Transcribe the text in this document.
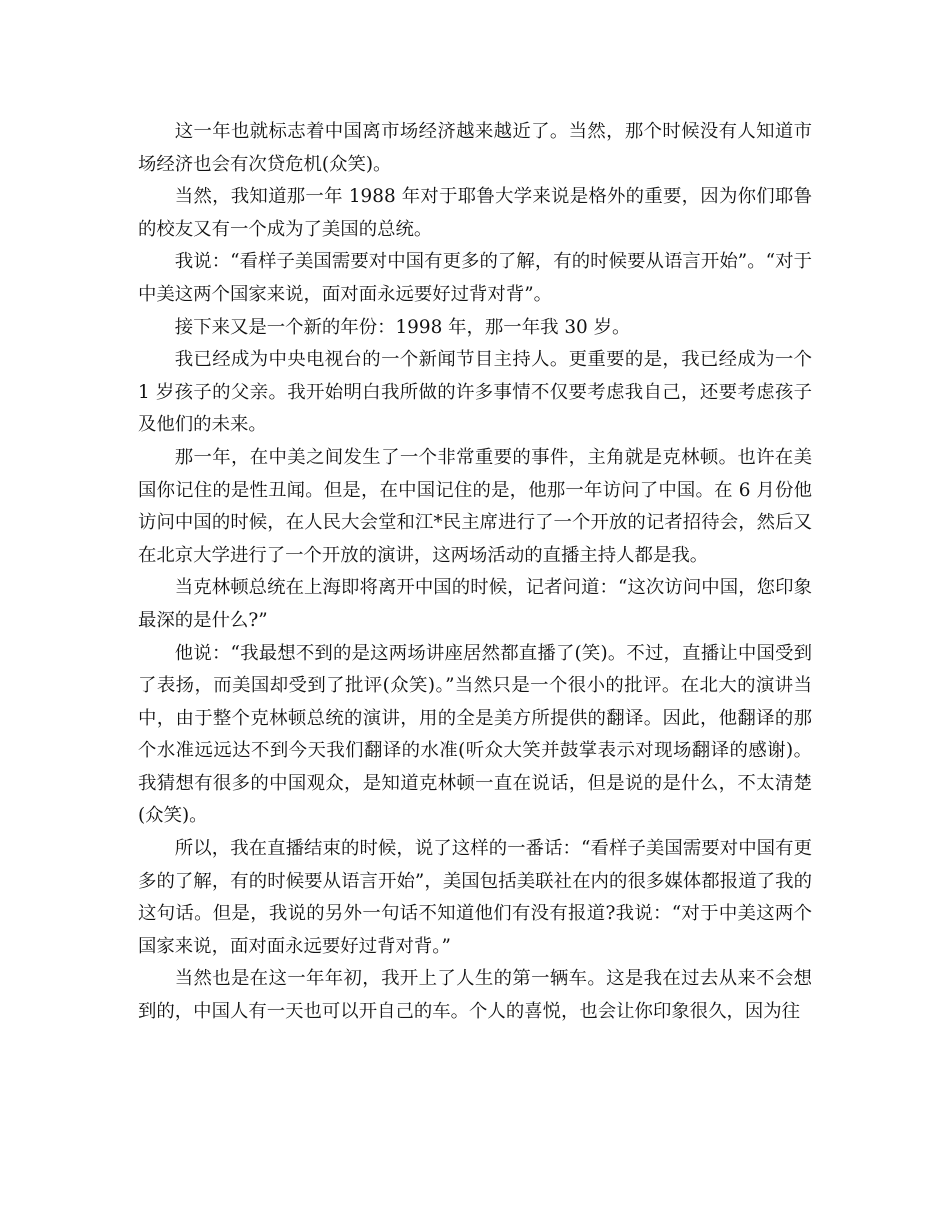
这一年也就标志着中国离市场经济越来越近了。当然，那个时候没有人知道市场经济也会有次贷危机(众笑)。

当然，我知道那一年 1988 年对于耶鲁大学来说是格外的重要，因为你们耶鲁的校友又有一个成为了美国的总统。

我说：“看样子美国需要对中国有更多的了解，有的时候要从语言开始”。“对于中美这两个国家来说，面对面永远要好过背对背”。

接下来又是一个新的年份：1998 年，那一年我 30 岁。

我已经成为中央电视台的一个新闻节目主持人。更重要的是，我已经成为一个 1 岁孩子的父亲。我开始明白我所做的许多事情不仅要考虑我自己，还要考虑孩子及他们的未来。

那一年，在中美之间发生了一个非常重要的事件，主角就是克林顿。也许在美国你记住的是性丑闻。但是，在中国记住的是，他那一年访问了中国。在 6 月份他访问中国的时候，在人民大会堂和江*民主席进行了一个开放的记者招待会，然后又在北京大学进行了一个开放的演讲，这两场活动的直播主持人都是我。

当克林顿总统在上海即将离开中国的时候，记者问道：“这次访问中国，您印象最深的是什么?”

他说：“我最想不到的是这两场讲座居然都直播了(笑)。不过，直播让中国受到了表扬，而美国却受到了批评(众笑)。”当然只是一个很小的批评。在北大的演讲当中，由于整个克林顿总统的演讲，用的全是美方所提供的翻译。因此，他翻译的那个水准远远达不到今天我们翻译的水准(听众大笑并鼓掌表示对现场翻译的感谢)。我猜想有很多的中国观众，是知道克林顿一直在说话，但是说的是什么，不太清楚(众笑)。

所以，我在直播结束的时候，说了这样的一番话：“看样子美国需要对中国有更多的了解，有的时候要从语言开始”，美国包括美联社在内的很多媒体都报道了我的这句话。但是，我说的另外一句话不知道他们有没有报道?我说：“对于中美这两个国家来说，面对面永远要好过背对背。”

当然也是在这一年年初，我开上了人生的第一辆车。这是我在过去从来不会想到的，中国人有一天也可以开自己的车。个人的喜悦，也会让你印象很久，因为往
